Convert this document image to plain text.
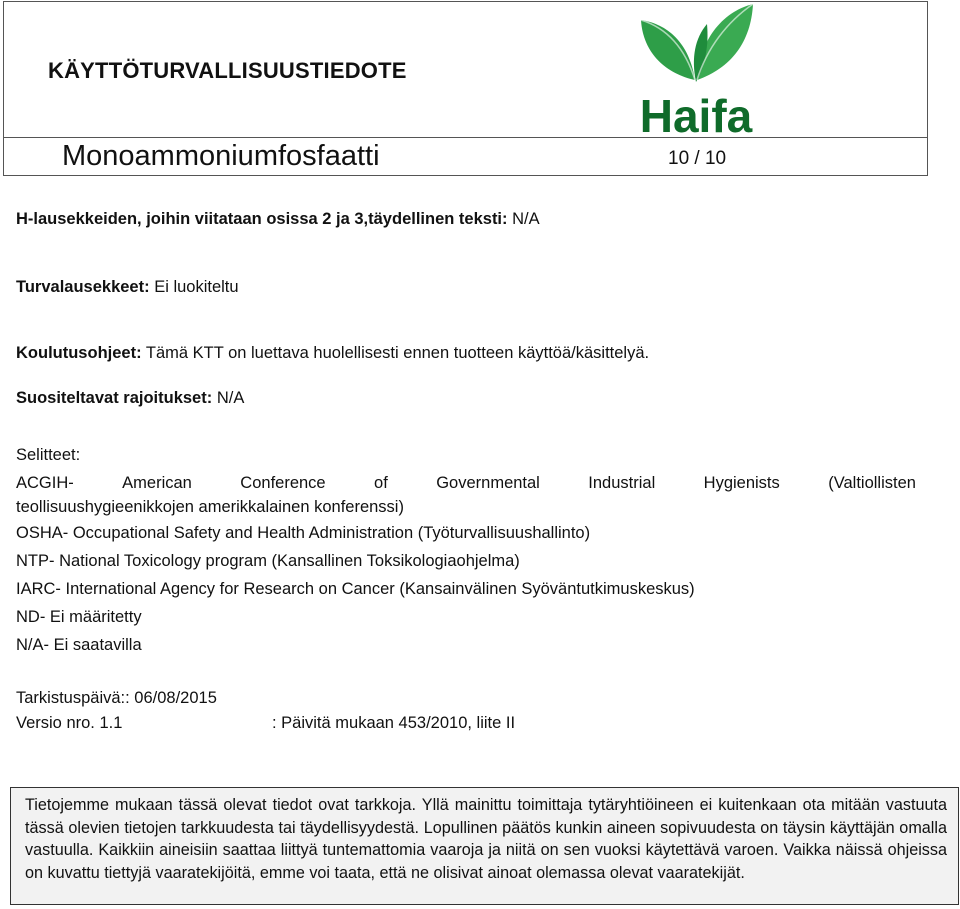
KÄYTTÖTURVALLISUUSTIEDOTE
Monoammoniumfosfaatti	10 / 10
Haifa
H-lausekkeiden, joihin viitataan osissa 2 ja 3,täydellinen teksti: N/A
Turvalausekkeet: Ei luokiteltu
Koulutusohjeet: Tämä KTT on luettava huolellisesti ennen tuotteen käyttöä/käsittelyä.
Suositeltavat rajoitukset: N/A
Selitteet:
ACGIH-	American	Conference	of	Governmental	Industrial	Hygienists	(Valtiollisten
teollisuushygieenikkojen amerikkalainen konferenssi)
OSHA- Occupational Safety and Health Administration (Työturvallisuushallinto)
NTP- National Toxicology program (Kansallinen Toksikologiaohjelma)
IARC- International Agency for Research on Cancer (Kansainvälinen Syöväntutkimuskeskus)
ND- Ei määritetty
N/A- Ei saatavilla
Tarkistuspäivä:: 06/08/2015
Versio nro. 1.1	: Päivitä mukaan 453/2010, liite II

Tietojemme mukaan tässä olevat tiedot ovat tarkkoja. Yllä mainittu toimittaja tytäryhtiöineen ei kuitenkaan ota mitään vastuuta tässä olevien tietojen tarkkuudesta tai täydellisyydestä. Lopullinen päätös kunkin aineen sopivuudesta on täysin käyttäjän omalla vastuulla. Kaikkiin aineisiin saattaa liittyä tuntemattomia vaaroja ja niitä on sen vuoksi käytettävä varoen. Vaikka näissä ohjeissa on kuvattu tiettyjä vaaratekijöitä, emme voi taata, että ne olisivat ainoat olemassa olevat vaaratekijät.
